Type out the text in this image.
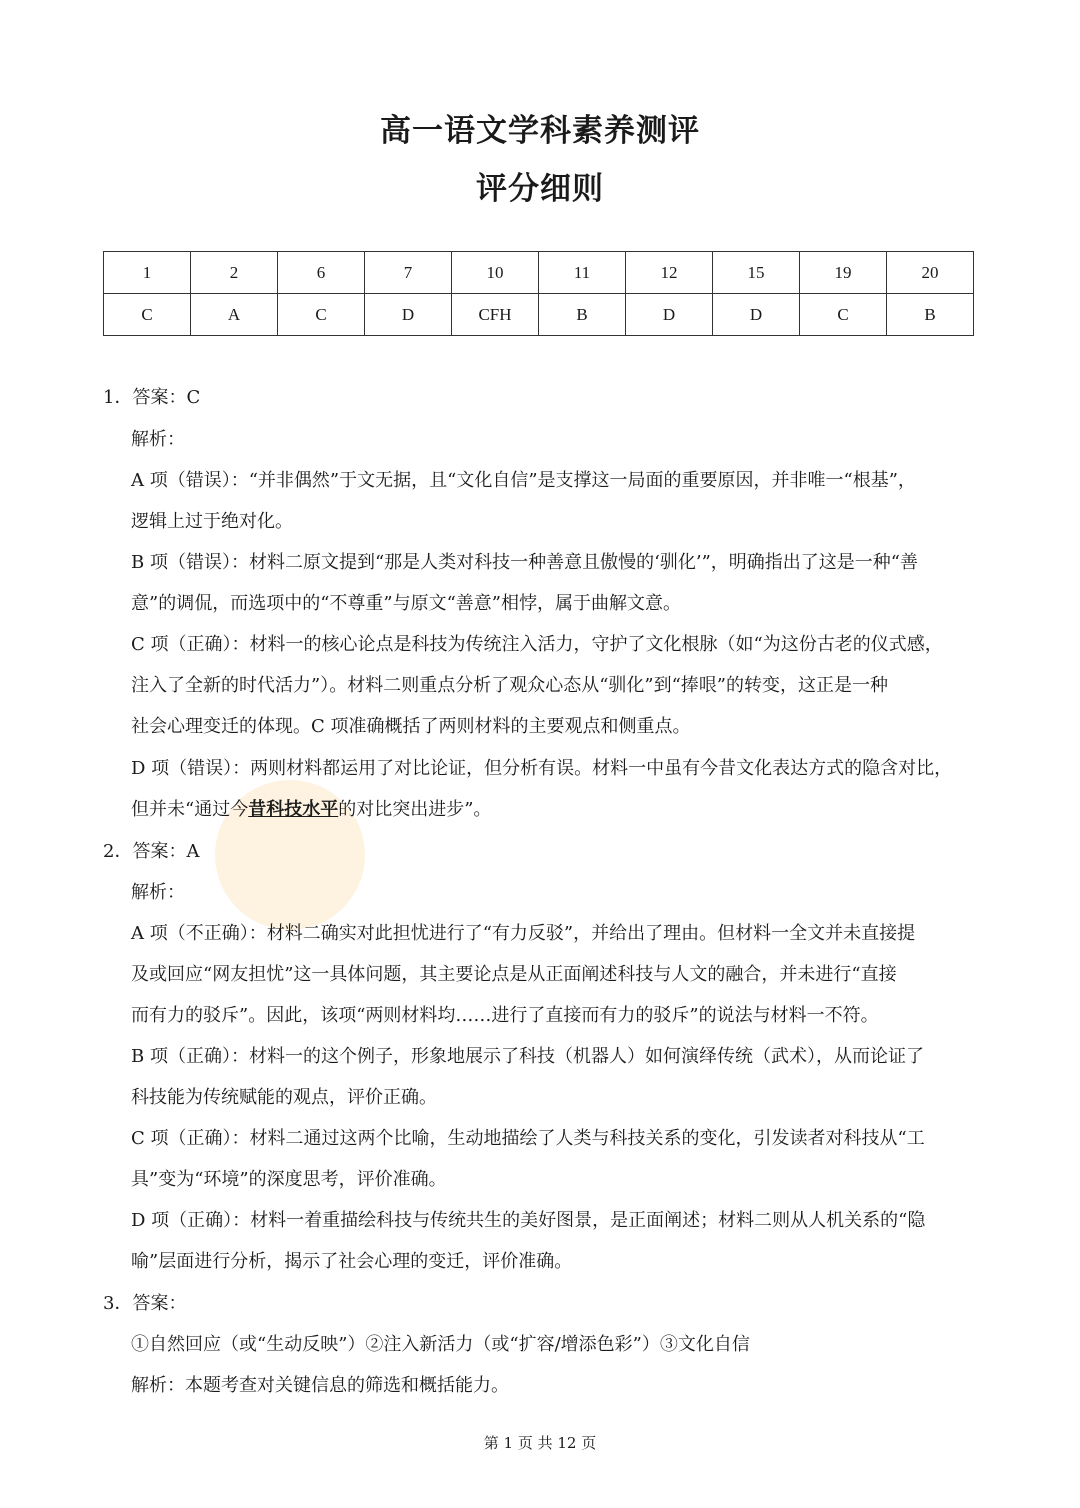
高一语文学科素养测评
评分细则
1	2	6	7	10	11	12	15	19	20
C	A	C	D	CFH	B	D	D	C	B
1．答案：C
解析：
A 项（错误）：“并非偶然”于文无据，且“文化自信”是支撑这一局面的重要原因，并非唯一“根基”，
逻辑上过于绝对化。
B 项（错误）：材料二原文提到“那是人类对科技一种善意且傲慢的‘驯化’”，明确指出了这是一种“善
意”的调侃，而选项中的“不尊重”与原文“善意”相悖，属于曲解文意。
C 项（正确）：材料一的核心论点是科技为传统注入活力，守护了文化根脉（如“为这份古老的仪式感，
注入了全新的时代活力”）。材料二则重点分析了观众心态从“驯化”到“捧哏”的转变，这正是一种
社会心理变迁的体现。C 项准确概括了两则材料的主要观点和侧重点。
D 项（错误）：两则材料都运用了对比论证，但分析有误。材料一中虽有今昔文化表达方式的隐含对比，
但并未“通过今昔科技水平的对比突出进步”。
2．答案：A
解析：
A 项（不正确）：材料二确实对此担忧进行了“有力反驳”，并给出了理由。但材料一全文并未直接提
及或回应“网友担忧”这一具体问题，其主要论点是从正面阐述科技与人文的融合，并未进行“直接
而有力的驳斥”。因此，该项“两则材料均……进行了直接而有力的驳斥”的说法与材料一不符。
B 项（正确）：材料一的这个例子，形象地展示了科技（机器人）如何演绎传统（武术），从而论证了
科技能为传统赋能的观点，评价正确。
C 项（正确）：材料二通过这两个比喻，生动地描绘了人类与科技关系的变化，引发读者对科技从“工
具”变为“环境”的深度思考，评价准确。
D 项（正确）：材料一着重描绘科技与传统共生的美好图景，是正面阐述；材料二则从人机关系的“隐
喻”层面进行分析，揭示了社会心理的变迁，评价准确。
3．答案：
①自然回应（或“生动反映”）②注入新活力（或“扩容/增添色彩”）③文化自信
解析：本题考查对关键信息的筛选和概括能力。
第 1 页 共 12 页
